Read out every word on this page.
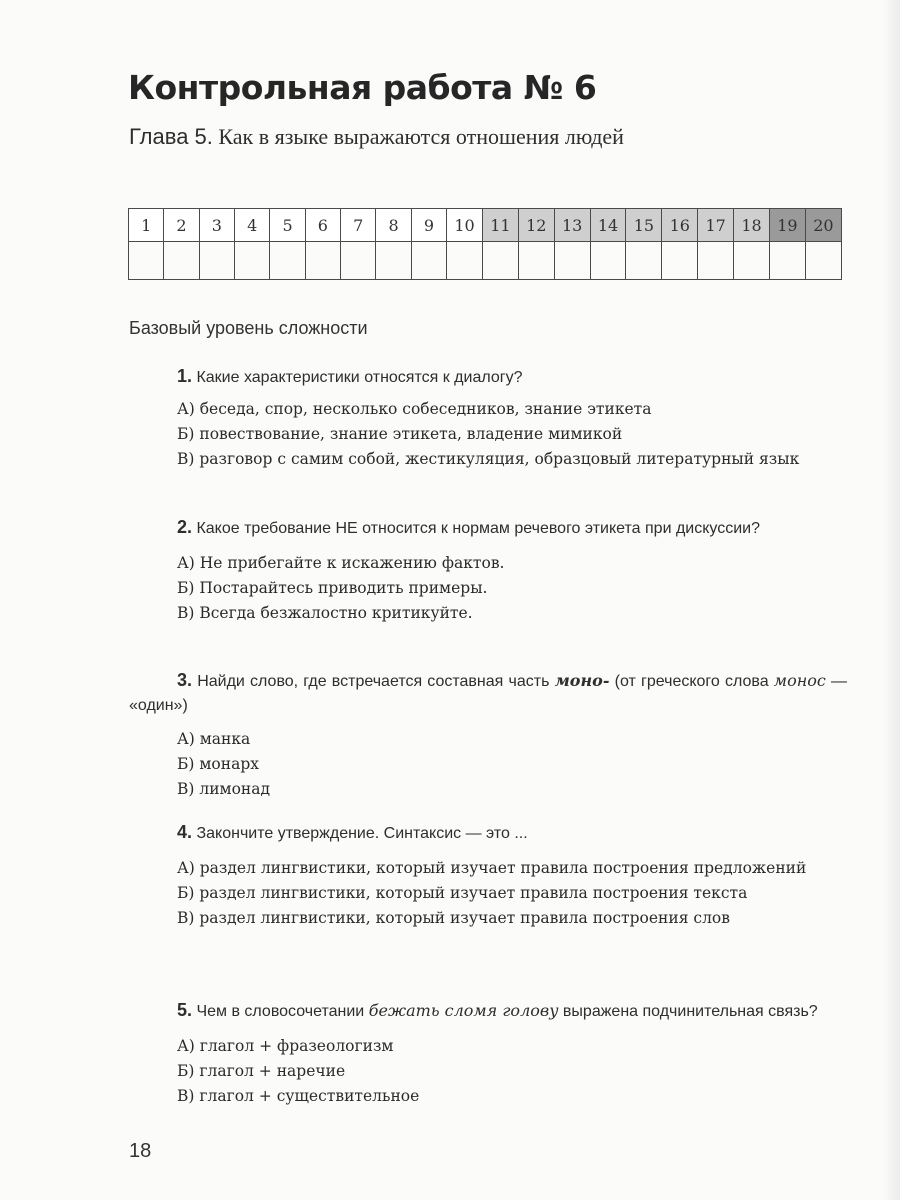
Контрольная работа № 6
Глава 5. Как в языке выражаются отношения людей
1	2	3	4	5	6	7	8	9	10	11	12	13	14	15	16	17	18	19	20

Базовый уровень сложности
1. Какие характеристики относятся к диалогу?
А) беседа, спор, несколько собеседников, знание этикета
Б) повествование, знание этикета, владение мимикой
В) разговор с самим собой, жестикуляция, образцовый литературный язык
2. Какое требование НЕ относится к нормам речевого этикета при дискуссии?
А) Не прибегайте к искажению фактов.
Б) Постарайтесь приводить примеры.
В) Всегда безжалостно критикуйте.
3. Найди слово, где встречается составная часть моно- (от греческого слова монос — «один»)
А) манка
Б) монарх
В) лимонад
4. Закончите утверждение. Синтаксис — это ...
А) раздел лингвистики, который изучает правила построения предложений
Б) раздел лингвистики, который изучает правила построения текста
В) раздел лингвистики, который изучает правила построения слов
5. Чем в словосочетании бежать сломя голову выражена подчинительная связь?
А) глагол + фразеологизм
Б) глагол + наречие
В) глагол + существительное
18
